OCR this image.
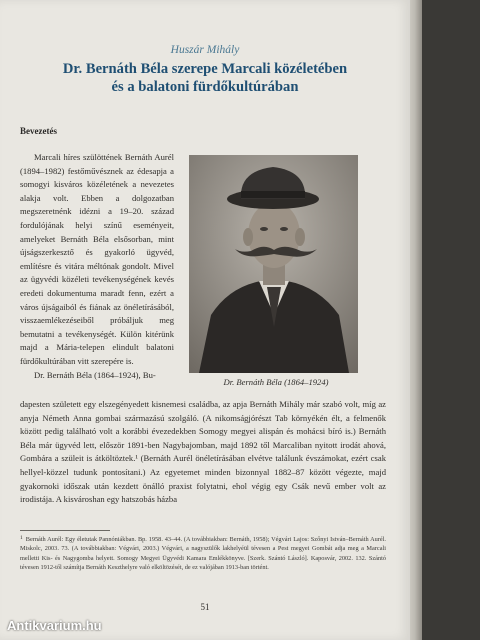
Huszár Mihály
Dr. Bernáth Béla szerepe Marcali közéletében
és a balatoni fürdőkultúrában
Bevezetés

Marcali híres szülöttének Bernáth Aurél (1894–1982) festőművésznek az édesapja a somogyi kisváros közéletének a nevezetes alakja volt. Ebben a dolgozatban megszeretnénk idézni a 19–20. század fordulójának helyi színű eseményeit, amelyeket Bernáth Béla elsősorban, mint újságszerkesztő és gyakorló ügyvéd, említésre és vitára méltónak gondolt. Mivel az ügyvédi közéleti tevékenységének kevés eredeti dokumentuma maradt fenn, ezért a város újságaiból és fiának az önéletírásából, visszaemlékezéseiből próbáljuk meg bemutatni a tevékenységét. Külön kitérünk majd a Mária-telepen elindult balatoni fürdőkultúrában vitt szerepére is.

Dr. Bernáth Béla (1864–1924), Bu-

Dr. Bernáth Béla (1864–1924)

dapesten született egy elszegényedett kisnemesi családba, az apja Bernáth Mihály már szabó volt, míg az anyja Németh Anna gombai származású szolgáló. (A nikomságjórészt Tab környékén élt, a felmenők között pedig található volt a korábbi évezedekben Somogy megyei alispán és mohácsi bíró is.) Bernáth Béla már ügyvéd lett, először 1891-ben Nagybajomban, majd 1892 től Marcaliban nyitott irodát ahová, Gombára a szüleit is átköltöztek.¹ (Bernáth Aurél önéletírásában elvétve találunk évszámokat, ezért csak hellyel-közzel tudunk pontosítani.) Az egyetemet minden bizonnyal 1882–87 között végezte, majd gyakornoki időszak után kezdett önálló praxist folytatni, ehol végig egy Csák nevű ember volt az irodistája. A kisvároshan egy hatszobás házba

1 Bernáth Aurél: Egy életutak Pannóniákban. Bp. 1958. 43–44. (A továbbiakban: Bernáth, 1958); Végvári Lajos: Szőnyi István–Bernáth Aurél. Miskolc, 2003. 73. (A továbbiakban: Végvári, 2003.) Végvári, a nagyszülők lakhelyéül tévesen a Pest megyei Gombát adja meg a Marcali melletti Kis- és Nagygomba helyett. Somogy Megyei Ügyvédi Kamara Emlékkönyve. [Szerk. Szántó László]. Kaposvár, 2002. 132. Szántó tévesen 1912-től számítja Bernáth Keszthelyre való elköltözését, de ez valójában 1913-ban történt.
51
Antikvarium.hu
